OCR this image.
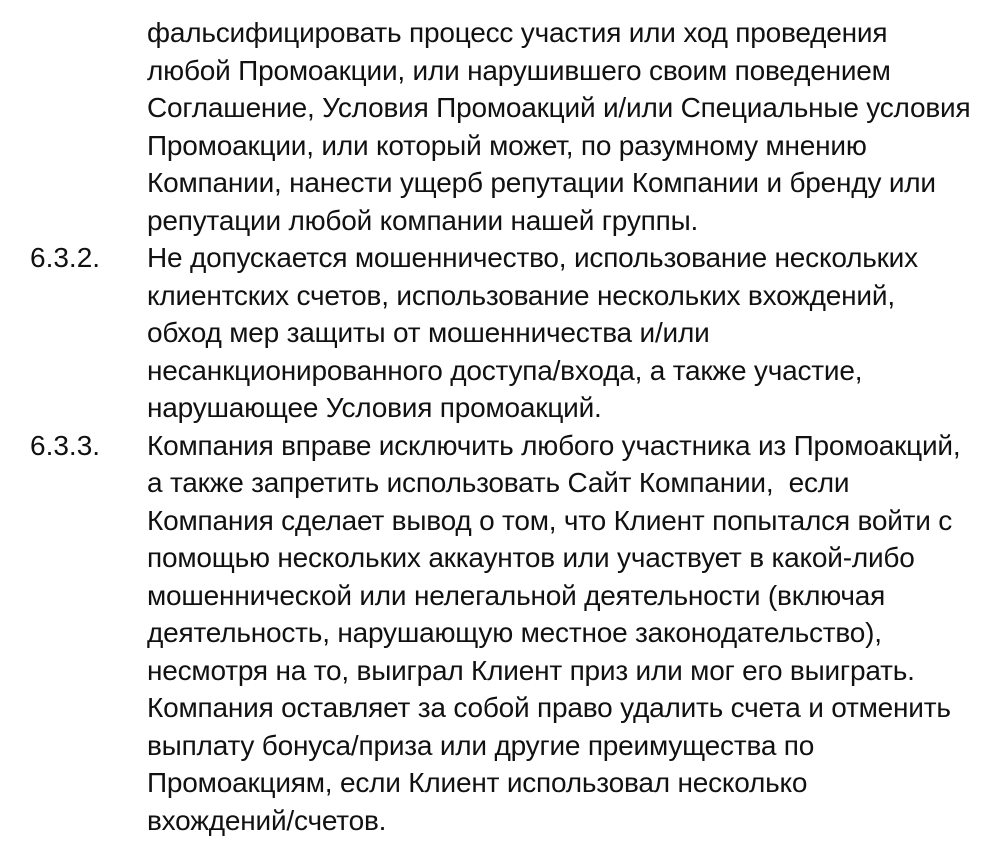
фальсифицировать процесс участия или ход проведения
любой Промоакции, или нарушившего своим поведением
Соглашение, Условия Промоакций и/или Специальные условия
Промоакции, или который может, по разумному мнению
Компании, нанести ущерб репутации Компании и бренду или
репутации любой компании нашей группы.
6.3.2. Не допускается мошенничество, использование нескольких
клиентских счетов, использование нескольких вхождений,
обход мер защиты от мошенничества и/или
несанкционированного доступа/входа, а также участие,
нарушающее Условия промоакций.
6.3.3. Компания вправе исключить любого участника из Промоакций,
а также запретить использовать Сайт Компании,  если
Компания сделает вывод о том, что Клиент попытался войти с
помощью нескольких аккаунтов или участвует в какой-либо
мошеннической или нелегальной деятельности (включая
деятельность, нарушающую местное законодательство),
несмотря на то, выиграл Клиент приз или мог его выиграть.
Компания оставляет за собой право удалить счета и отменить
выплату бонуса/приза или другие преимущества по
Промоакциям, если Клиент использовал несколько
вхождений/счетов.
